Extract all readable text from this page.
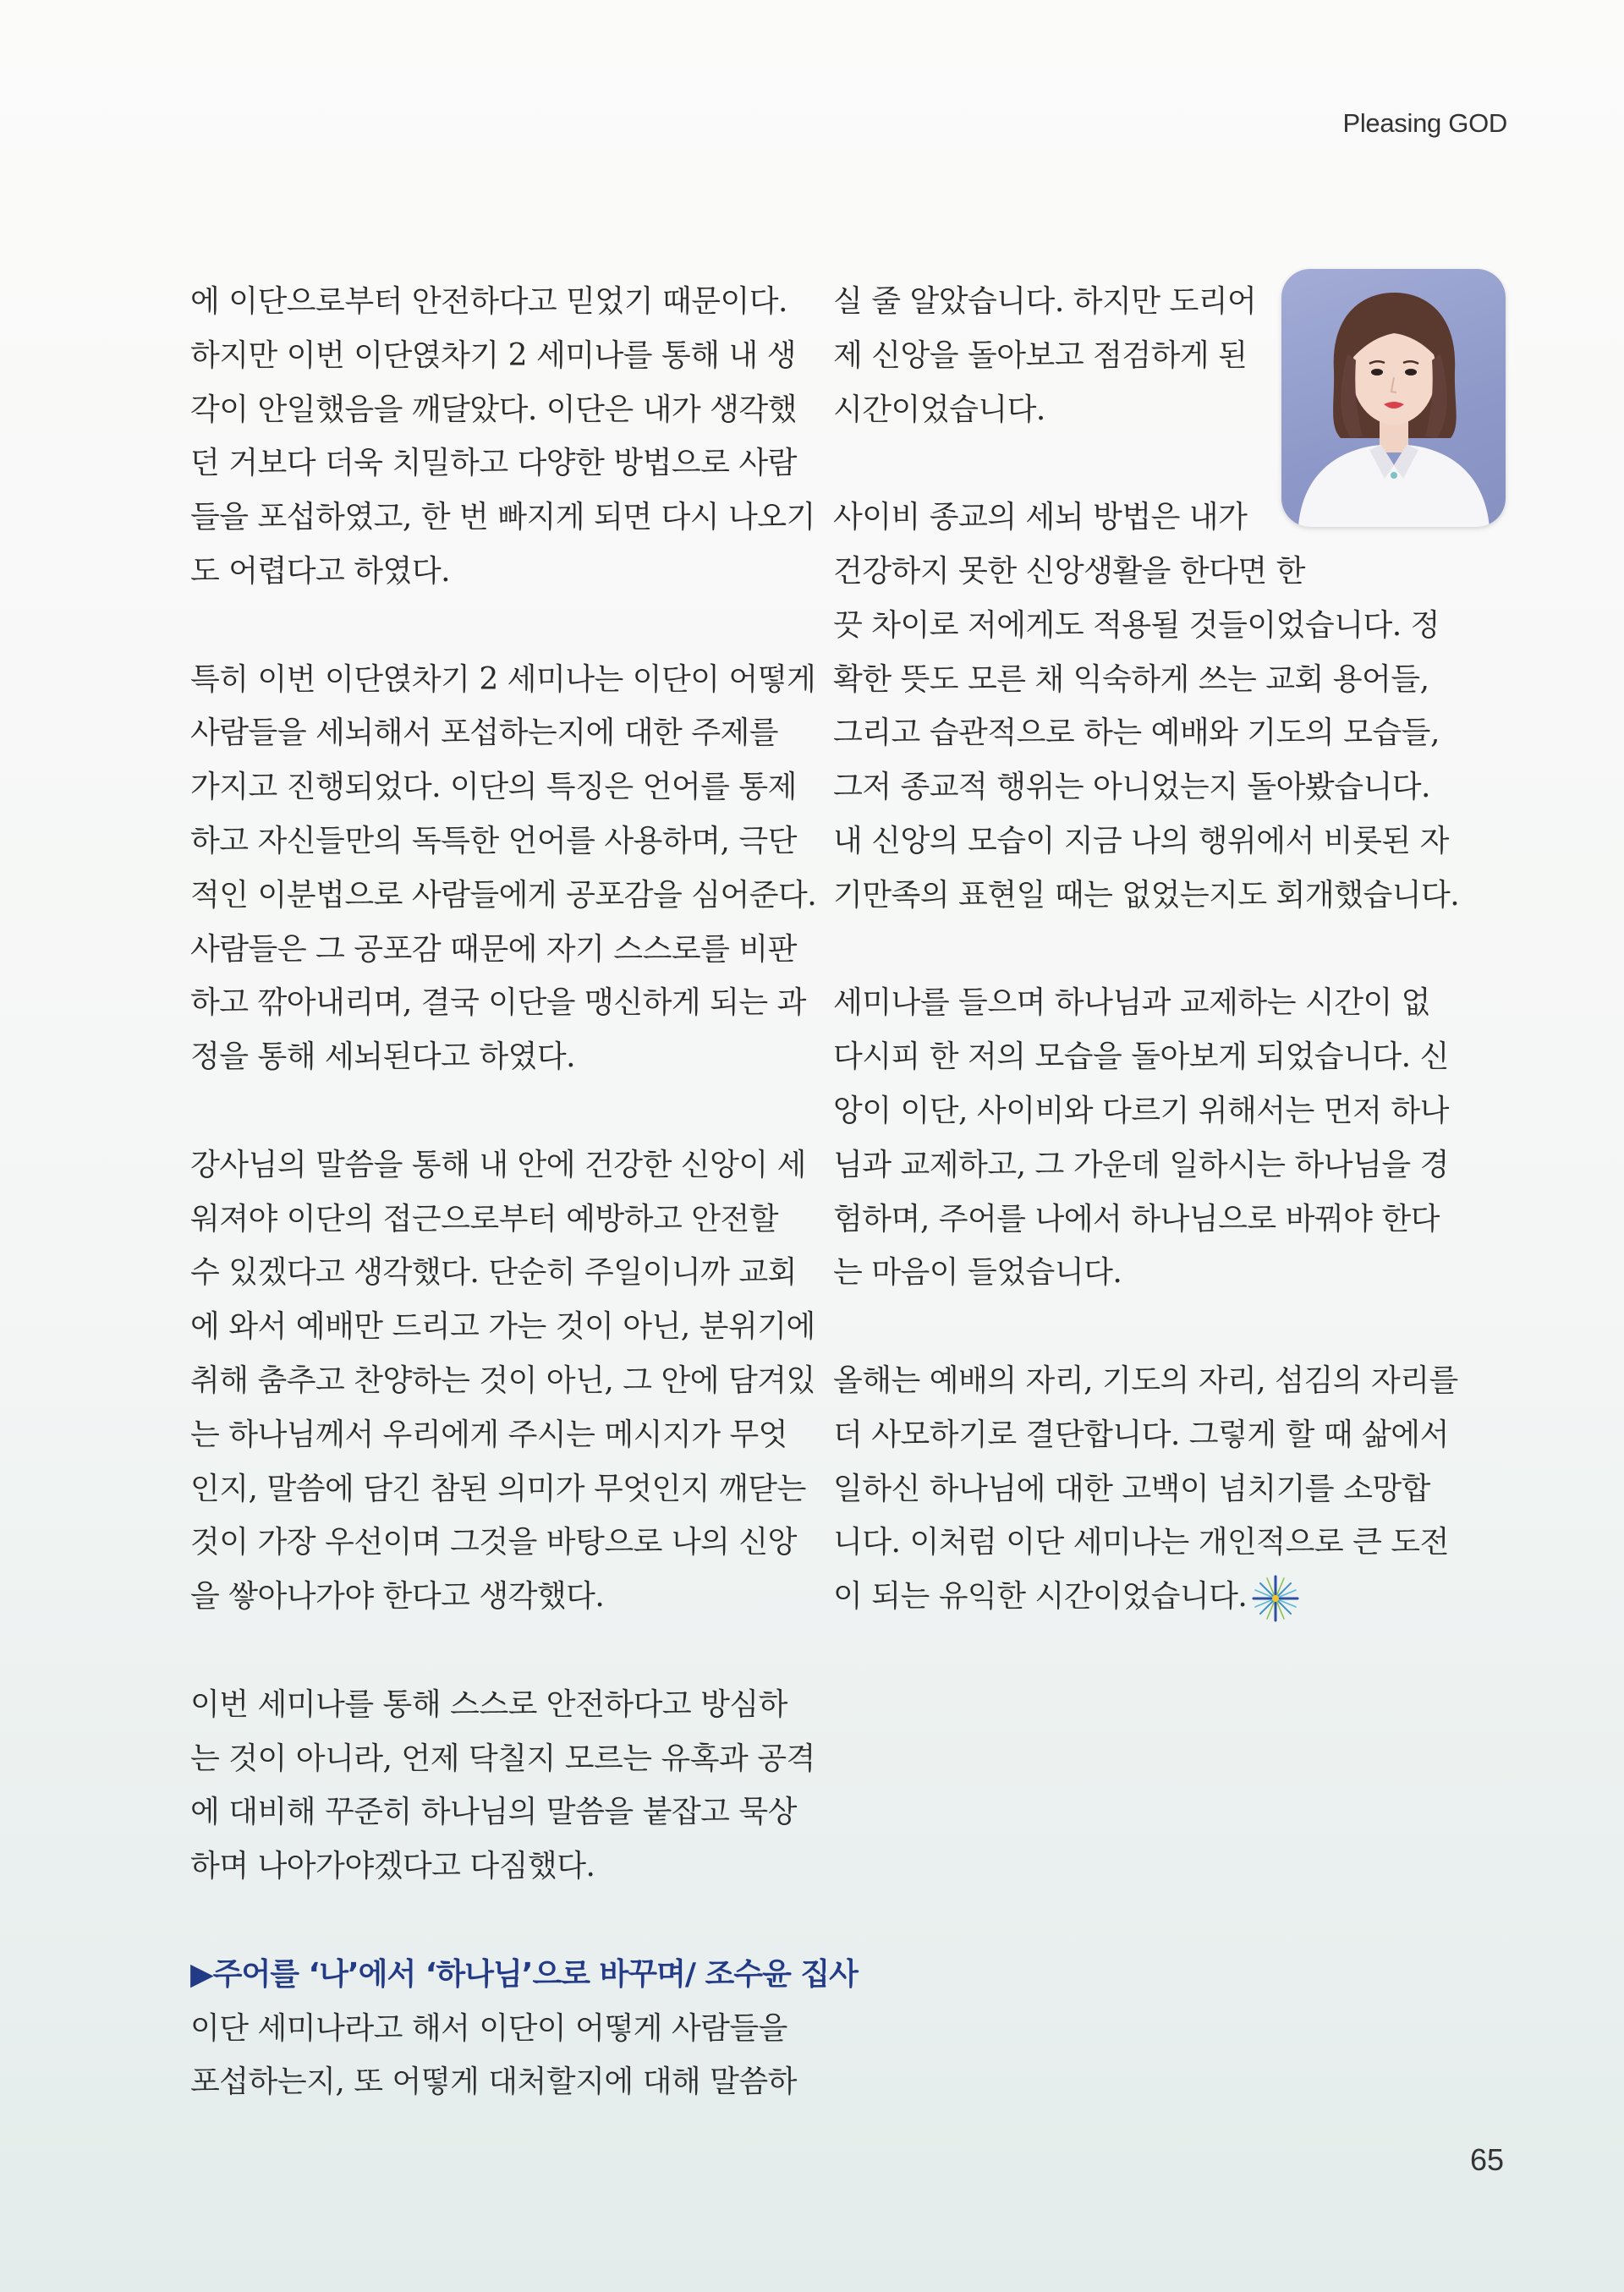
Pleasing GOD

에 이단으로부터 안전하다고 믿었기 때문이다.
하지만 이번 이단엱차기 2 세미나를 통해 내 생
각이 안일했음을 깨달았다. 이단은 내가 생각했
던 거보다 더욱 치밀하고 다양한 방법으로 사람
들을 포섭하였고, 한 번 빠지게 되면 다시 나오기
도 어렵다고 하였다.

특히 이번 이단엱차기 2 세미나는 이단이 어떻게
사람들을 세뇌해서 포섭하는지에 대한 주제를
가지고 진행되었다. 이단의 특징은 언어를 통제
하고 자신들만의 독특한 언어를 사용하며, 극단
적인 이분법으로 사람들에게 공포감을 심어준다.
사람들은 그 공포감 때문에 자기 스스로를 비판
하고 깎아내리며, 결국 이단을 맹신하게 되는 과
정을 통해 세뇌된다고 하였다.

강사님의 말씀을 통해 내 안에 건강한 신앙이 세
워져야 이단의 접근으로부터 예방하고 안전할
수 있겠다고 생각했다. 단순히 주일이니까 교회
에 와서 예배만 드리고 가는 것이 아닌, 분위기에
취해 춤추고 찬양하는 것이 아닌, 그 안에 담겨있
는 하나님께서 우리에게 주시는 메시지가 무엇
인지, 말씀에 담긴 참된 의미가 무엇인지 깨닫는
것이 가장 우선이며 그것을 바탕으로 나의 신앙
을 쌓아나가야 한다고 생각했다.

이번 세미나를 통해 스스로 안전하다고 방심하
는 것이 아니라, 언제 닥칠지 모르는 유혹과 공격
에 대비해 꾸준히 하나님의 말씀을 붙잡고 묵상
하며 나아가야겠다고 다짐했다.

▶주어를 ‘나’에서 ‘하나님’으로 바꾸며/ 조수윤 집사
이단 세미나라고 해서 이단이 어떻게 사람들을
포섭하는지, 또 어떻게 대처할지에 대해 말씀하

실 줄 알았습니다. 하지만 도리어
제 신앙을 돌아보고 점검하게 된
시간이었습니다.

사이비 종교의 세뇌 방법은 내가
건강하지 못한 신앙생활을 한다면 한
끗 차이로 저에게도 적용될 것들이었습니다. 정
확한 뜻도 모른 채 익숙하게 쓰는 교회 용어들,
그리고 습관적으로 하는 예배와 기도의 모습들,
그저 종교적 행위는 아니었는지 돌아봤습니다.
내 신앙의 모습이 지금 나의 행위에서 비롯된 자
기만족의 표현일 때는 없었는지도 회개했습니다.

세미나를 들으며 하나님과 교제하는 시간이 없
다시피 한 저의 모습을 돌아보게 되었습니다. 신
앙이 이단, 사이비와 다르기 위해서는 먼저 하나
님과 교제하고, 그 가운데 일하시는 하나님을 경
험하며, 주어를 나에서 하나님으로 바꿔야 한다
는 마음이 들었습니다.

올해는 예배의 자리, 기도의 자리, 섬김의 자리를
더 사모하기로 결단합니다. 그렇게 할 때 삶에서
일하신 하나님에 대한 고백이 넘치기를 소망합
니다. 이처럼 이단 세미나는 개인적으로 큰 도전
이 되는 유익한 시간이었습니다.

65
